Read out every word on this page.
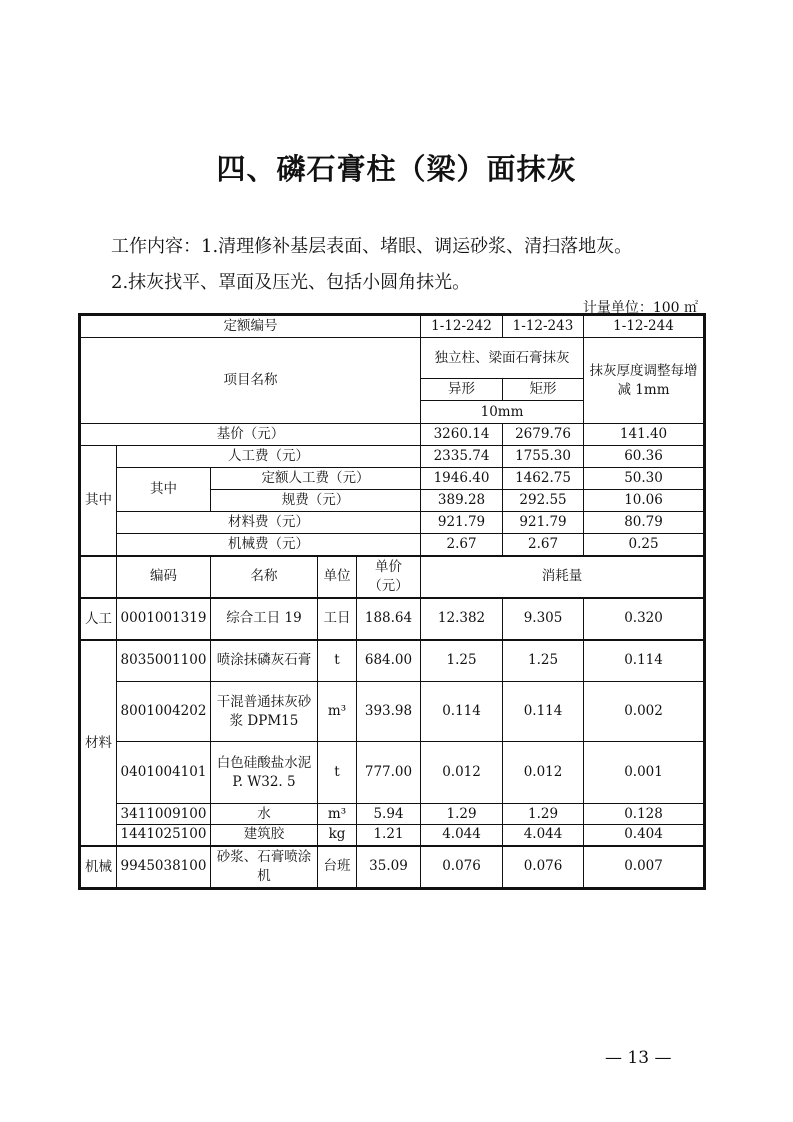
四、磷石膏柱（梁）面抹灰
工作内容：1.清理修补基层表面、堵眼、调运砂浆、清扫落地灰。
2.抹灰找平、罩面及压光、包括小圆角抹光。
计量单位：100 ㎡
定额编号					1-12-242	1-12-243	1-12-244
项目名称					独立柱、梁面石膏抹灰		抹灰厚度调整每增减 1mm
					异形	矩形	
					10mm		
基价（元）					3260.14	2679.76	141.40
其中	人工费（元）				2335.74	1755.30	60.36
	其中	定额人工费（元）			1946.40	1462.75	50.30
		规费（元）			389.28	292.55	10.06
	材料费（元）				921.79	921.79	80.79
	机械费（元）				2.67	2.67	0.25
	编码	名称	单位	单价（元）	消耗量		
人工	0001001319	综合工日 19	工日	188.64	12.382	9.305	0.320
材料	8035001100	喷涂抹磷灰石膏	t	684.00	1.25	1.25	0.114
	8001004202	干混普通抹灰砂浆 DPM15	m³	393.98	0.114	0.114	0.002
	0401004101	白色硅酸盐水泥 P. W32. 5	t	777.00	0.012	0.012	0.001
	3411009100	水	m³	5.94	1.29	1.29	0.128
	1441025100	建筑胶	kg	1.21	4.044	4.044	0.404
机械	9945038100	砂浆、石膏喷涂机	台班	35.09	0.076	0.076	0.007
— 13 —
